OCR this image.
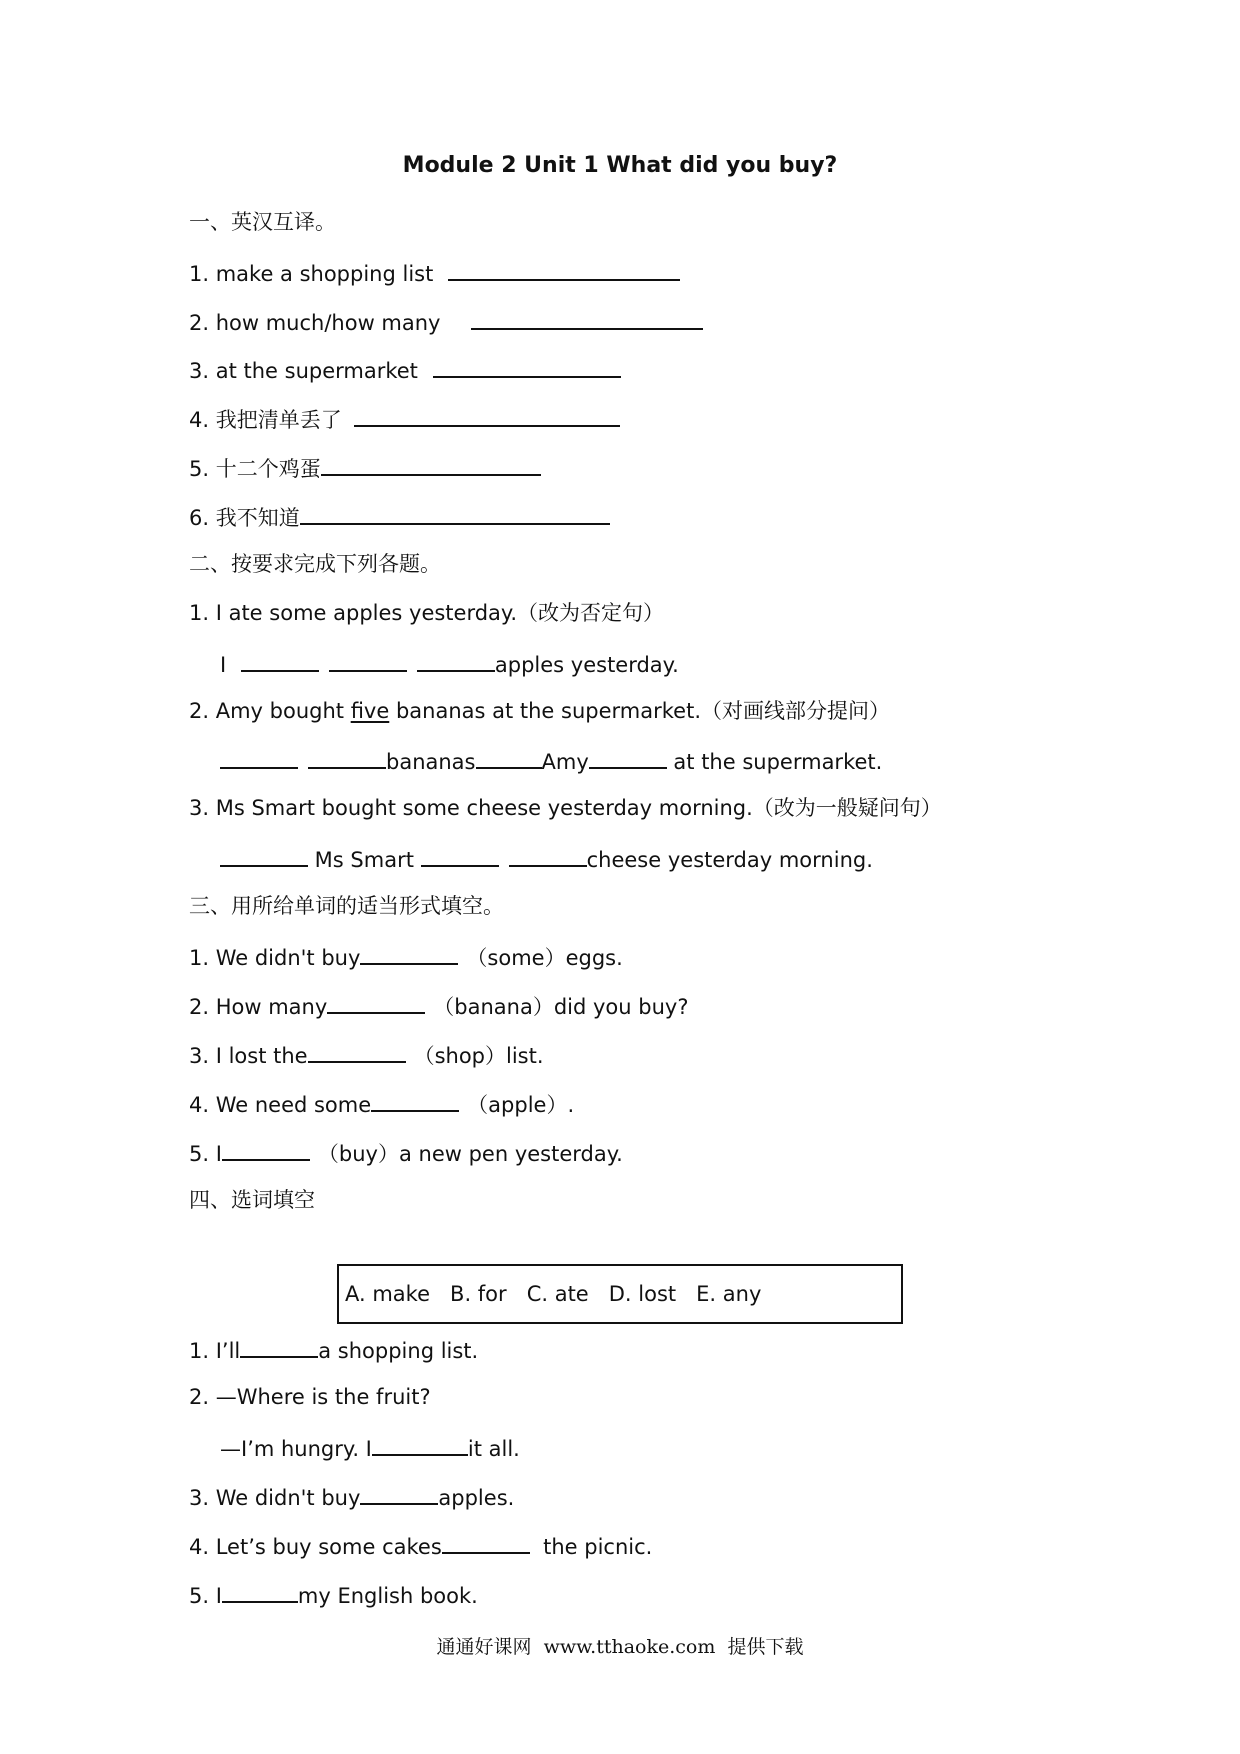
Module 2 Unit 1 What did you buy?
一、英汉互译。
1. make a shopping list
2. how much/how many
3. at the supermarket
4. 我把清单丢了
5. 十二个鸡蛋
6. 我不知道
二、按要求完成下列各题。
1. I ate some apples yesterday.（改为否定句）
I	apples yesterday.
2. Amy bought five bananas at the supermarket.（对画线部分提问）
bananas	Amy	at the supermarket.
3. Ms Smart bought some cheese yesterday morning.（改为一般疑问句）
Ms Smart	cheese yesterday morning.
三、用所给单词的适当形式填空。
1. We didn't buy	（some）eggs.
2. How many	（banana）did you buy?
3. I lost the	（shop）list.
4. We need some	（apple）.
5. I	（buy）a new pen yesterday.
四、选词填空
A. make   B. for   C. ate   D. lost   E. any
1. I’ll	a shopping list.
2. —Where is the fruit?
—I’m hungry. I	it all.
3. We didn't buy	apples.
4. Let’s buy some cakes	the picnic.
5. I	my English book.
通通好课网  www.tthaoke.com  提供下载
